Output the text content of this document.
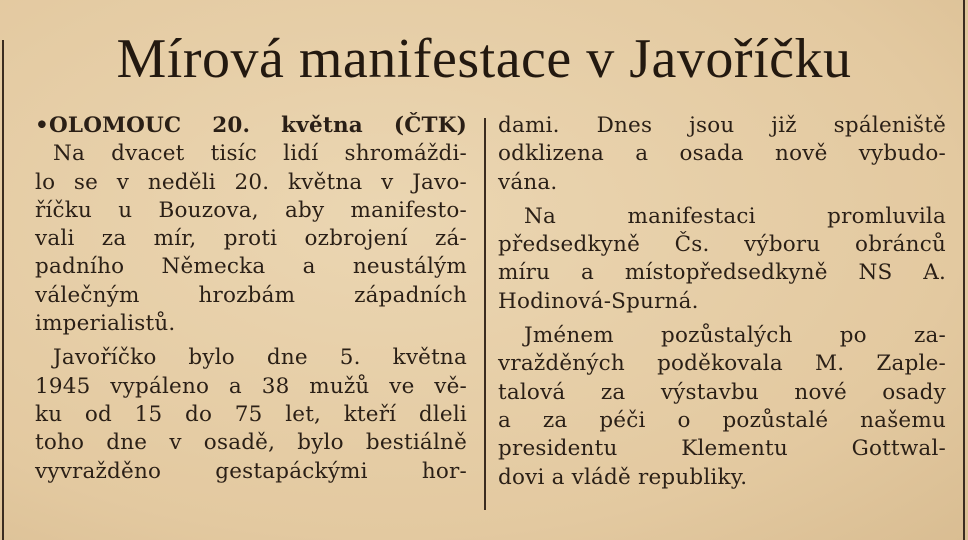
Mírová manifestace v Javoříčku
•OLOMOUC 20. května (ČTK)
Na dvacet tisíc lidí shromáždi-
lo se v neděli 20. května v Javo-
říčku u Bouzova, aby manifesto-
vali za mír, proti ozbrojení zá-
padního Německa a neustálým
válečným hrozbám západních
imperialistů.
Javoříčko bylo dne 5. května
1945 vypáleno a 38 mužů ve vě-
ku od 15 do 75 let, kteří dleli
toho dne v osadě, bylo bestiálně
vyvražděno gestapáckými hor-
dami. Dnes jsou již spáleniště
odklizena a osada nově vybudo-
vána.
Na manifestaci promluvila
předsedkyně Čs. výboru obránců
míru a místopředsedkyně NS A.
Hodinová-Spurná.
Jménem pozůstalých po za-
vražděných poděkovala M. Zaple-
talová za výstavbu nové osady
a za péči o pozůstalé našemu
presidentu Klementu Gottwal-
dovi a vládě republiky.
